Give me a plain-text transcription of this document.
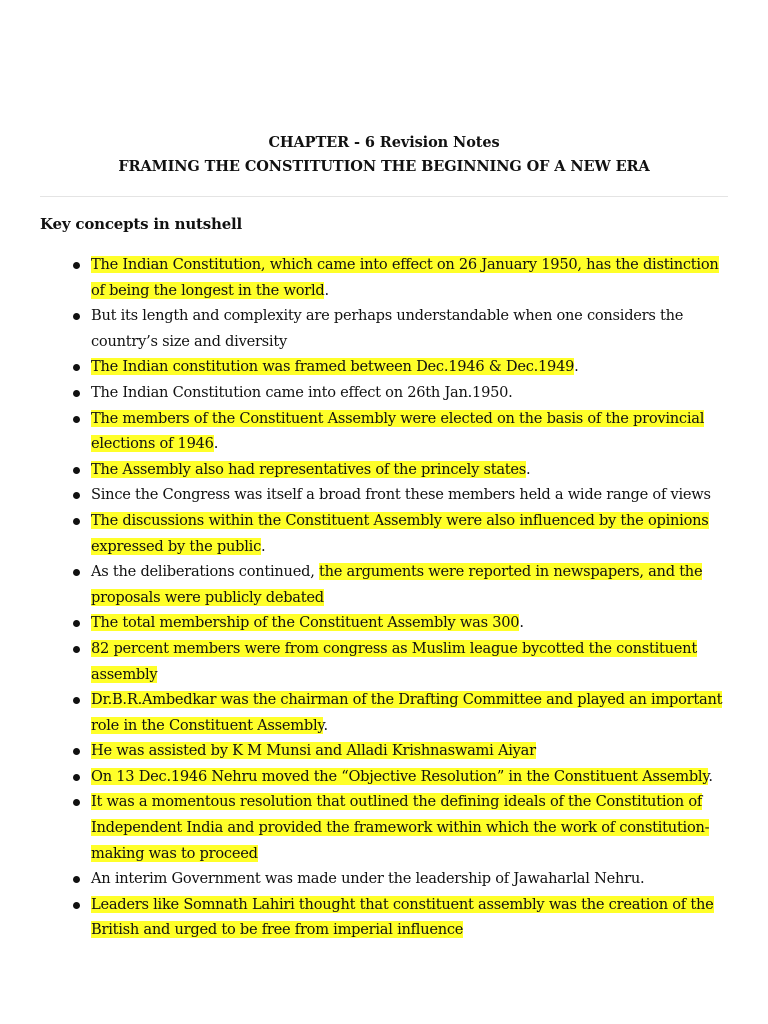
CHAPTER - 6 Revision Notes
FRAMING THE CONSTITUTION THE BEGINNING OF A NEW ERA
Key concepts in nutshell
The Indian Constitution, which came into effect on 26 January 1950, has the distinction of being the longest in the world.
But its length and complexity are perhaps understandable when one considers the country’s size and diversity
The Indian constitution was framed between Dec.1946 & Dec.1949.
The Indian Constitution came into effect on 26th Jan.1950.
The members of the Constituent Assembly were elected on the basis of the provincial elections of 1946.
The Assembly also had representatives of the princely states.
Since the Congress was itself a broad front these members held a wide range of views
The discussions within the Constituent Assembly were also influenced by the opinions expressed by the public.
As the deliberations continued, the arguments were reported in newspapers, and the proposals were publicly debated
The total membership of the Constituent Assembly was 300.
82 percent members were from congress as Muslim league bycotted the constituent assembly
Dr.B.R.Ambedkar was the chairman of the Drafting Committee and played an important role in the Constituent Assembly.
He was assisted by K M Munsi and Alladi Krishnaswami Aiyar
On 13 Dec.1946 Nehru moved the “Objective Resolution” in the Constituent Assembly.
It was a momentous resolution that outlined the defining ideals of the Constitution of Independent India and provided the framework within which the work of constitution-making was to proceed
An interim Government was made under the leadership of Jawaharlal Nehru.
Leaders like Somnath Lahiri thought that constituent assembly was the creation of the British and urged to be free from imperial influence
